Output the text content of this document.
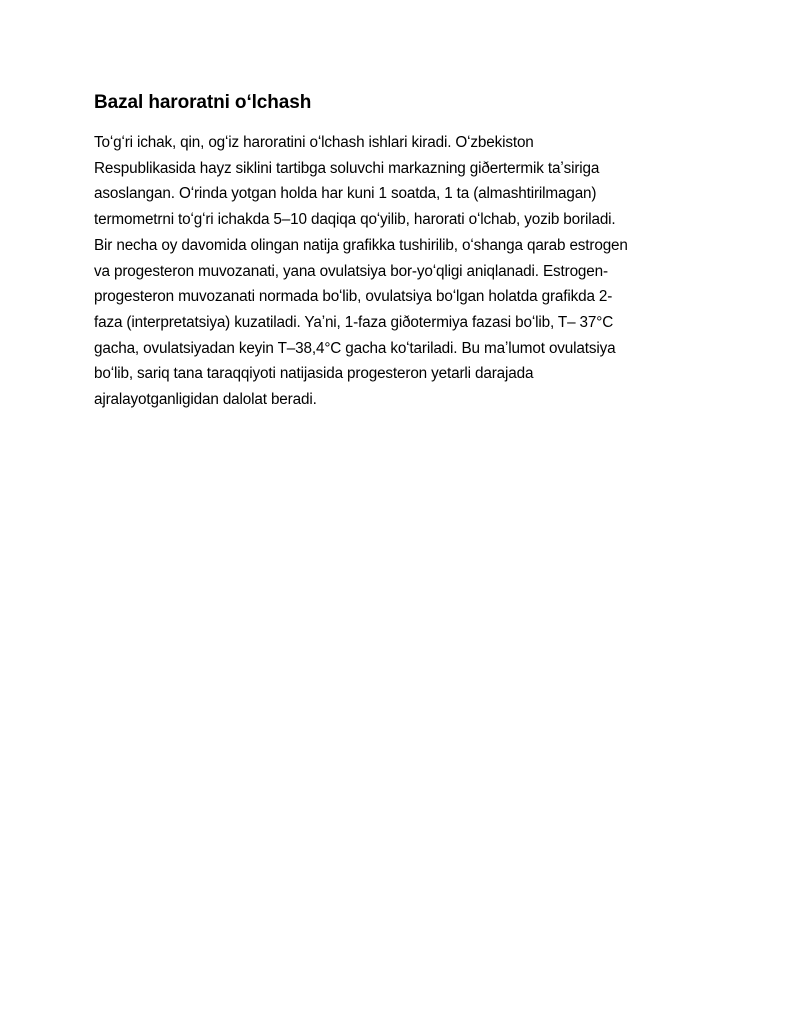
Bazal haroratni oʻlchash

Toʻgʻri ichak, qin, ogʻiz haroratini oʻlchash ishlari kiradi. Oʻzbekiston
Respublikasida hayz siklini tartibga soluvchi markazning giðertermik taʼsiriga
asoslangan. Oʻrinda yotgan holda har kuni 1 soatda, 1 ta (almashtirilmagan)
termometrni toʻgʻri ichakda 5–10 daqiqa qoʻyilib, harorati oʻlchab, yozib boriladi.
Bir necha oy davomida olingan natija grafikka tushirilib, oʻshanga qarab estrogen
va progesteron muvozanati, yana ovulatsiya bor-yoʻqligi aniqlanadi. Estrogen-
progesteron muvozanati normada boʻlib, ovulatsiya boʻlgan holatda grafikda 2-
faza (interpretatsiya) kuzatiladi. Yaʼni, 1-faza giðotermiya fazasi boʻlib, T– 37°C
gacha, ovulatsiyadan keyin T–38,4°C gacha koʻtariladi. Bu maʼlumot ovulatsiya
boʻlib, sariq tana taraqqiyoti natijasida progesteron yetarli darajada
ajralayotganligidan dalolat beradi.
